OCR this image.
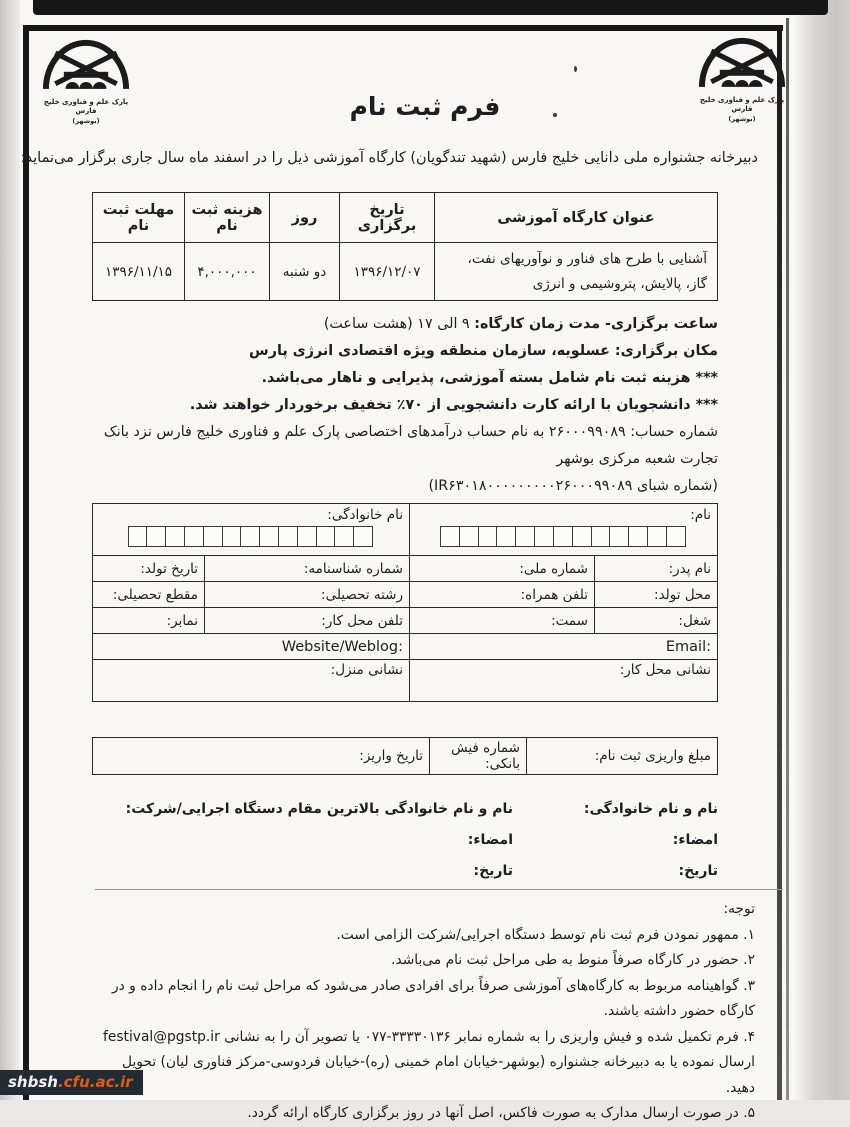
پارک علم و فناوری خلیج فارس
(بوشهر)
پارک علم و فناوری خلیج فارس
(بوشهر)
فرم ثبت نام
دبیرخانه جشنواره ملی دانایی خلیج فارس (شهید تندگویان) کارگاه آموزشی ذیل را در اسفند ماه سال جاری برگزار می‌نماید:
عنوان کارگاه آموزشی	تاریخ برگزاری	روز	هزینه ثبت نام	مهلت ثبت نام
آشنایی با طرح های فناور و نوآوریهای نفت، گاز، پالایش، پتروشیمی و انرژی	۱۳۹۶/۱۲/۰۷	دو شنبه	۴,۰۰۰,۰۰۰	۱۳۹۶/۱۱/۱۵

ساعت برگزاری- مدت زمان کارگاه: ۹ الی ۱۷ (هشت ساعت)

مکان برگزاری: عسلویه، سازمان منطقه ویژه اقتصادی انرژی پارس

*** هزینه ثبت نام شامل بسته آموزشی، پذیرایی و ناهار می‌باشد.

*** دانشجویان با ارائه کارت دانشجویی از ۷۰٪ تخفیف برخوردار خواهند شد.

شماره حساب: ۲۶۰۰۰۹۹۰۸۹ به نام حساب درآمدهای اختصاصی پارک علم و فناوری خلیج فارس نزد بانک تجارت شعبه مرکزی بوشهر

(شماره شبای IR۶۳۰۱۸۰۰۰۰۰۰۰۰۰۲۶۰۰۰۹۹۰۸۹)

نام:		نام خانوادگی:	

نام پدر:	شماره ملی:	شماره شناسنامه:	تاریخ تولد:
محل تولد:	تلفن همراه:	رشته تحصیلی:	مقطع تحصیلی:
شغل:	سمت:	تلفن محل کار:	نمابر:
Email:		Website/Weblog:	
نشانی محل کار:		نشانی منزل:	
مبلغ واریزی ثبت نام:	شماره فیش بانکی:	تاریخ واریز:

نام و نام خانوادگی:

امضاء:

تاریخ:

نام و نام خانوادگی بالاترین مقام دستگاه اجرایی/شرکت:

امضاء:

تاریخ:

توجه:

۱. ممهور نمودن فرم ثبت نام توسط دستگاه اجرایی/شرکت الزامی است.

۲. حضور در کارگاه صرفاً منوط به طی مراحل ثبت نام می‌باشد.

۳. گواهینامه مربوط به کارگاه‌های آموزشی صرفاً برای افرادی صادر می‌شود که مراحل ثبت نام را انجام داده و در کارگاه حضور داشته باشند.

۴. فرم تکمیل شده و فیش واریزی را به شماره نمابر ۳۳۳۳۰۱۳۶-۰۷۷ یا تصویر آن را به نشانی festival@pgstp.ir ارسال نموده یا به دبیرخانه جشنواره (بوشهر-خیابان امام خمینی (ره)-خیابان فردوسی-مرکز فناوری لیان) تحویل دهید.

۵. در صورت ارسال مدارک به صورت فاکس، اصل آنها در روز برگزاری کارگاه ارائه گردد.

shbsh.cfu.ac.ir
